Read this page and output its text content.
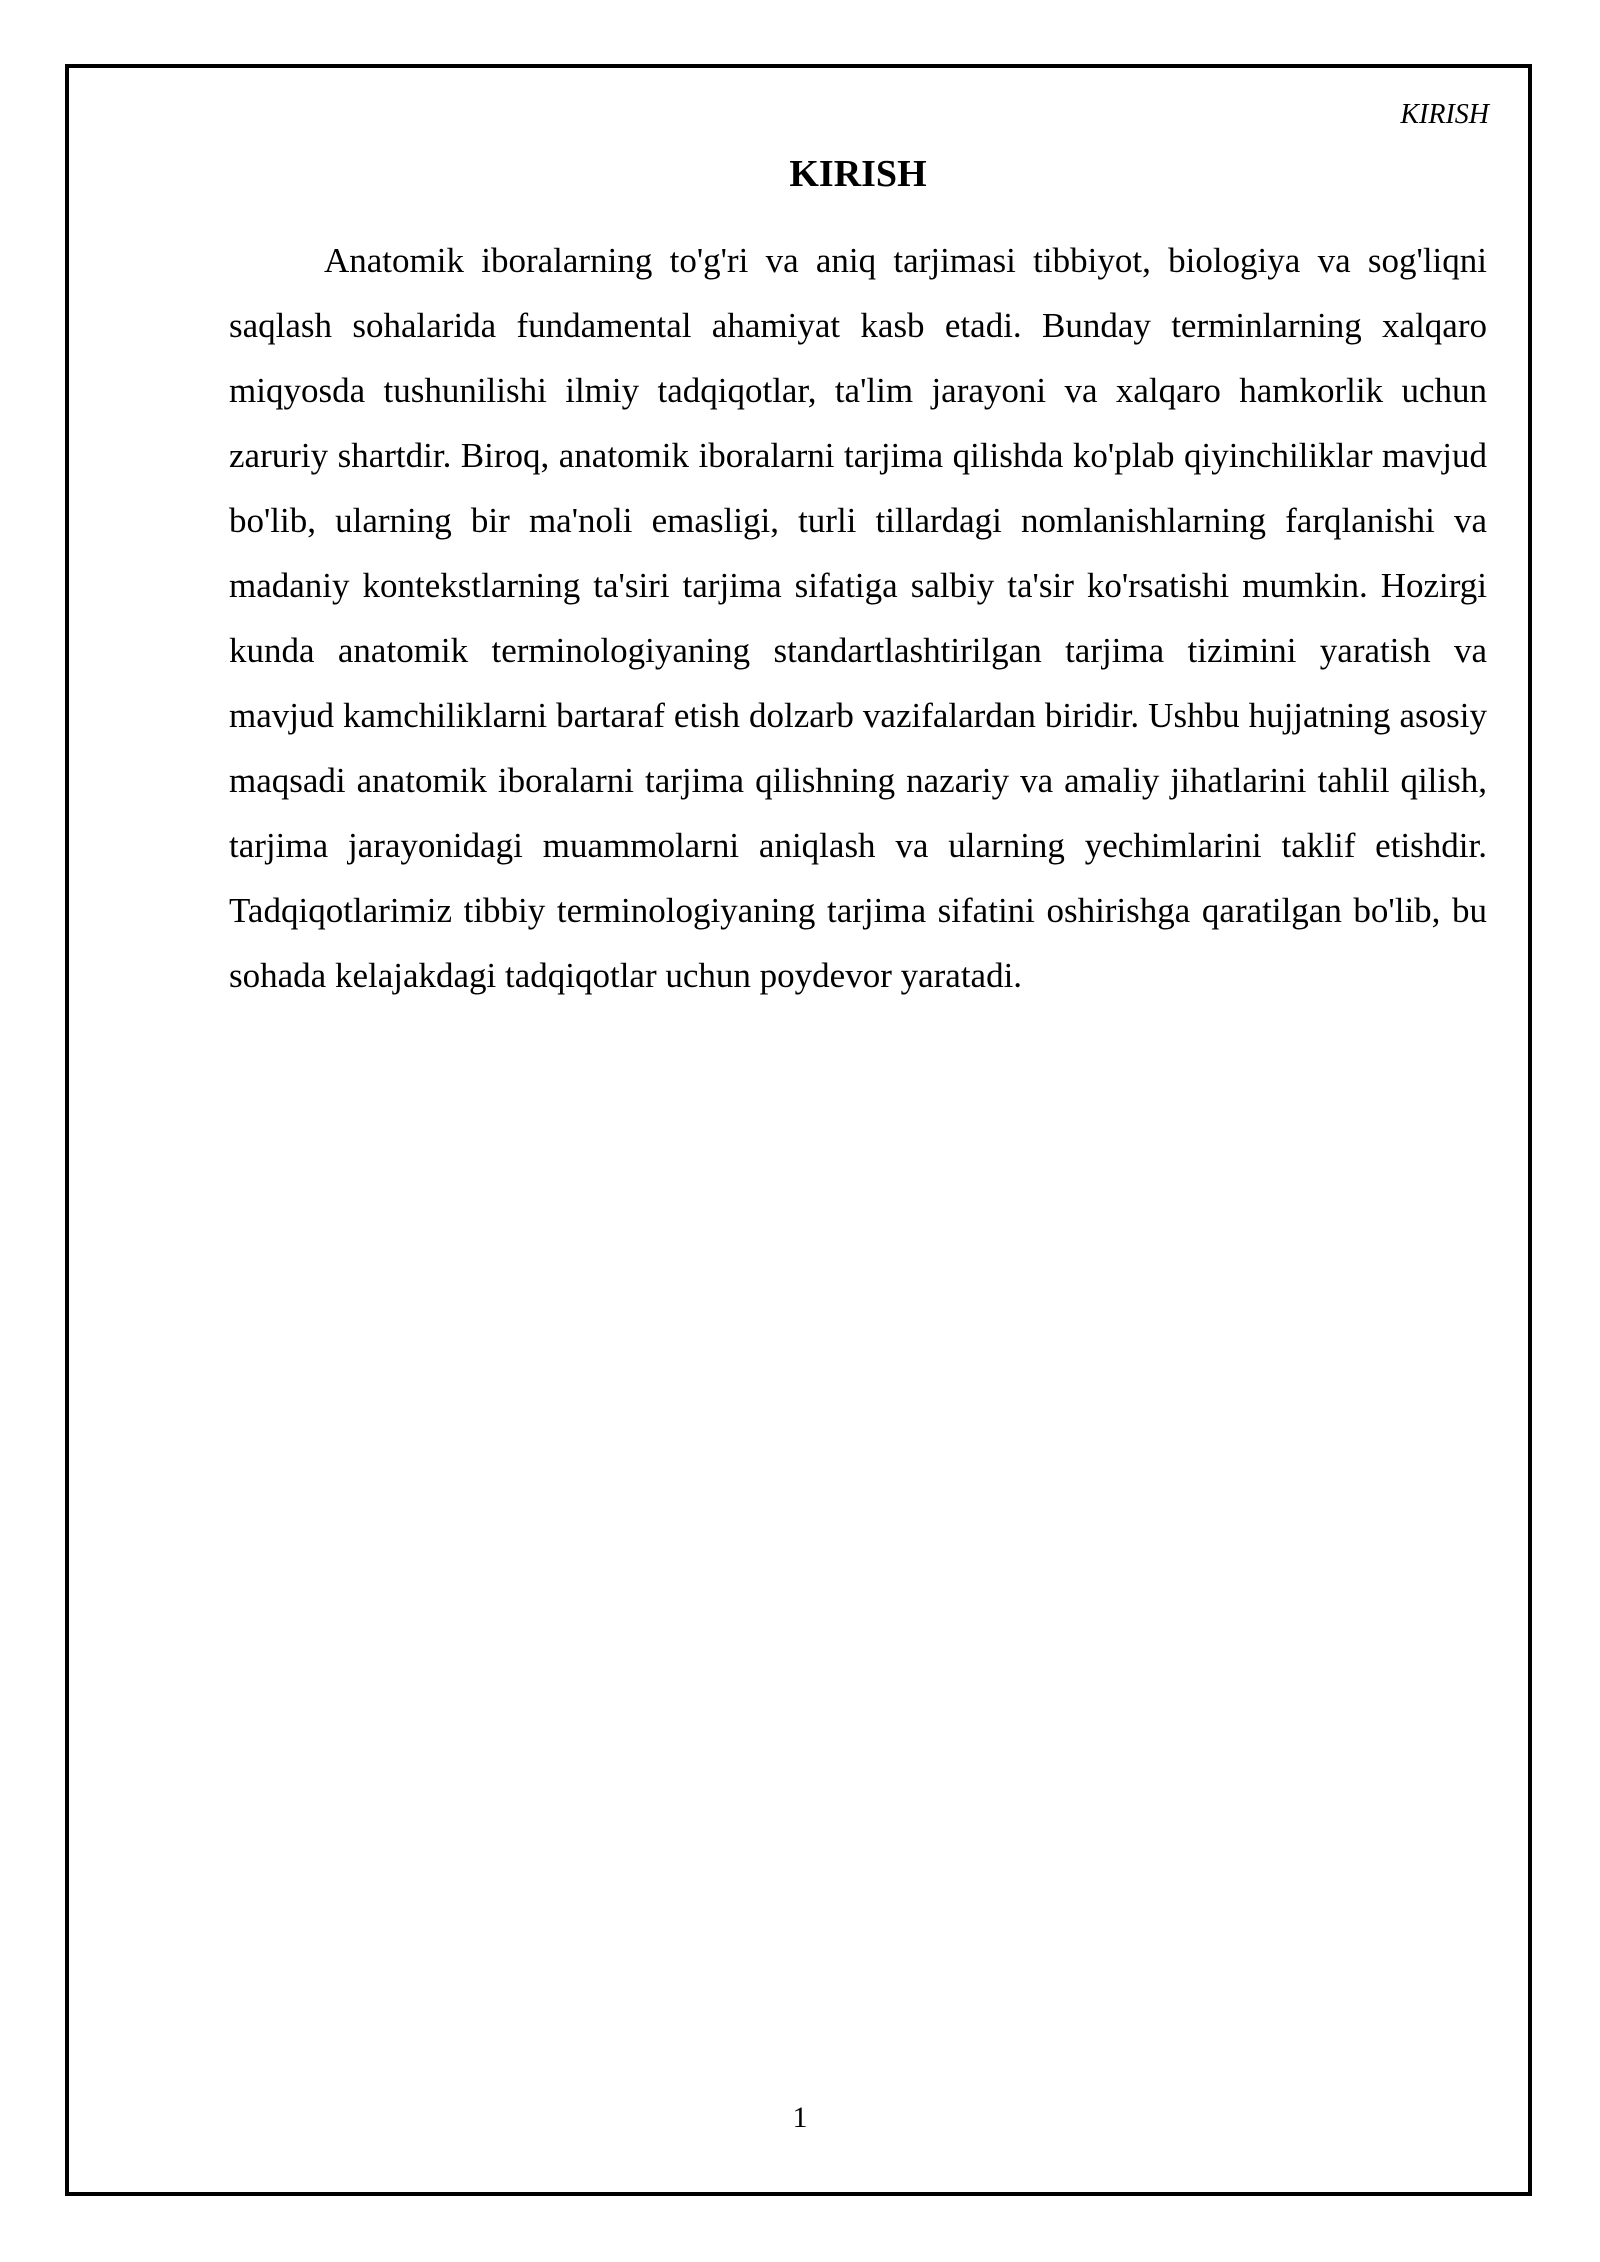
KIRISH
KIRISH

Anatomik iboralarning to'g'ri va aniq tarjimasi tibbiyot, biologiya va sog'liqni saqlash sohalarida fundamental ahamiyat kasb etadi. Bunday terminlarning xalqaro miqyosda tushunilishi ilmiy tadqiqotlar, ta'lim jarayoni va xalqaro hamkorlik uchun zaruriy shartdir. Biroq, anatomik iboralarni tarjima qilishda ko'plab qiyinchiliklar mavjud bo'lib, ularning bir ma'noli emasligi, turli tillardagi nomlanishlarning farqlanishi va madaniy kontekstlarning ta'siri tarjima sifatiga salbiy ta'sir ko'rsatishi mumkin. Hozirgi kunda anatomik terminologiyaning standartlashtirilgan tarjima tizimini yaratish va mavjud kamchiliklarni bartaraf etish dolzarb vazifalardan biridir. Ushbu hujjatning asosiy maqsadi anatomik iboralarni tarjima qilishning nazariy va amaliy jihatlarini tahlil qilish, tarjima jarayonidagi muammolarni aniqlash va ularning yechimlarini taklif etishdir. Tadqiqotlarimiz tibbiy terminologiyaning tarjima sifatini oshirishga qaratilgan bo'lib, bu sohada kelajakdagi tadqiqotlar uchun poydevor yaratadi.

1
